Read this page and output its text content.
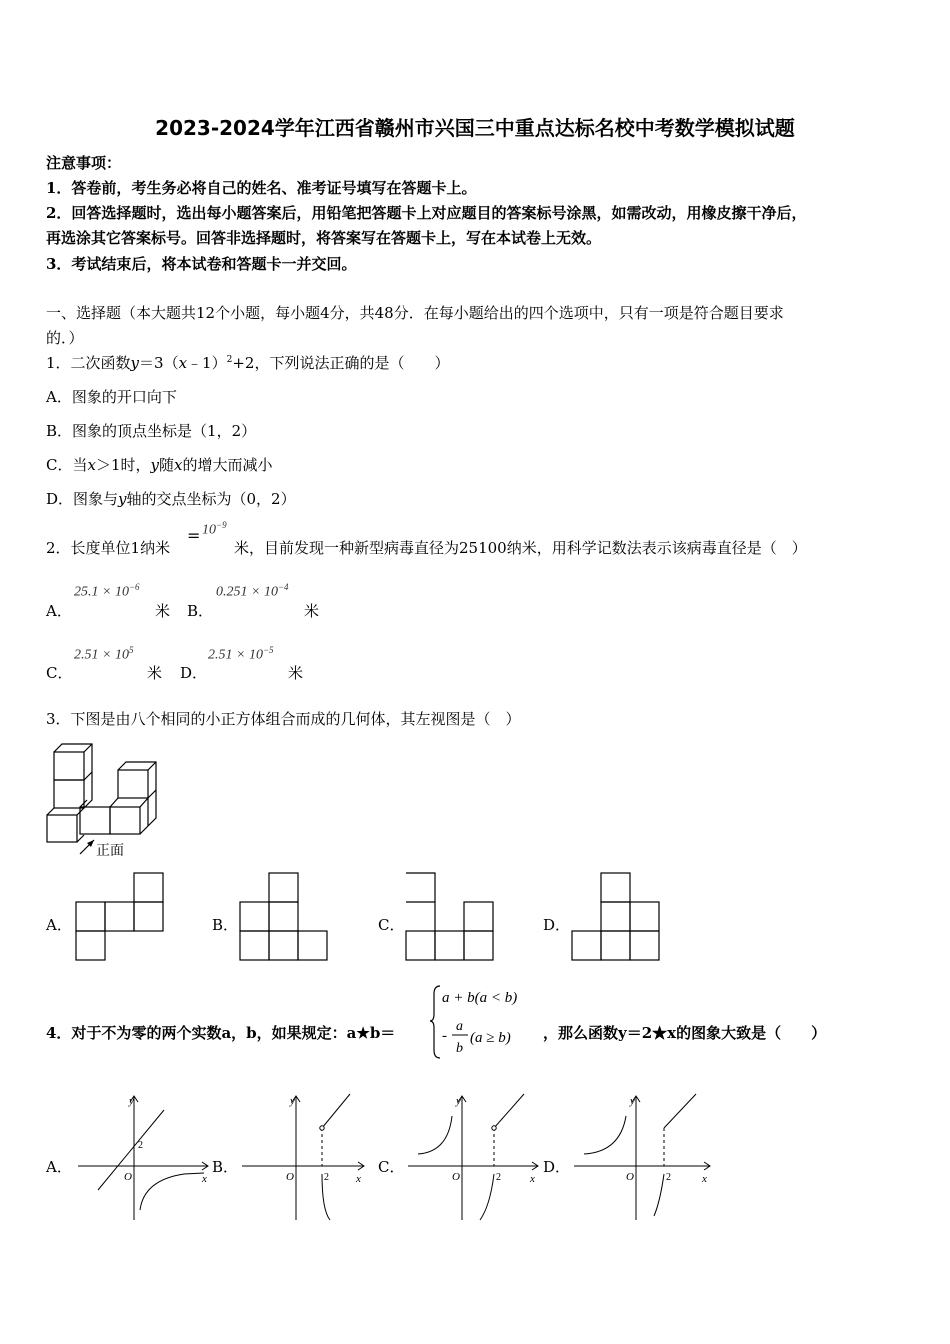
2023-2024学年江西省赣州市兴国三中重点达标名校中考数学模拟试题
注意事项：
1．答卷前，考生务必将自己的姓名、准考证号填写在答题卡上。
2．回答选择题时，选出每小题答案后，用铅笔把答题卡上对应题目的答案标号涂黑，如需改动，用橡皮擦干净后，
再选涂其它答案标号。回答非选择题时，将答案写在答题卡上，写在本试卷上无效。
3．考试结束后，将本试卷和答题卡一并交回。
一、选择题（本大题共12个小题，每小题4分，共48分．在每小题给出的四个选项中，只有一项是符合题目要求
的．）
1．二次函数y＝3（x﹣1）$^2$+2，下列说法正确的是（　　）
A．图象的开口向下
B．图象的顶点坐标是（1，2）
C．当x＞1时，y随x的增大而减小
D．图象与y轴的交点坐标为（0，2）
2．长度单位1纳米
= $10^{-9}$
米，目前发现一种新型病毒直径为25100纳米，用科学记数法表示该病毒直径是（　）
A．
$25.1 \times 10^{-6}$
米 B．
$0.251 \times 10^{-4}$
米
C．
$2.51 \times 10^5$
米 D．
$2.51 \times 10^{-5}$
米
3．下图是由八个相同的小正方体组合而成的几何体，其左视图是（　）
正面
A．	B．	C．	D．
4．对于不为零的两个实数a，b，如果规定：a★b＝
a + b(a < b)
-
a
b
(a ≥ b) ，那么函数y＝2★x的图象大致是（　　）
A．
y
x
O
2
B．
y
x
O	2
C．
y
x
O	2
D．
y
x
O	2
